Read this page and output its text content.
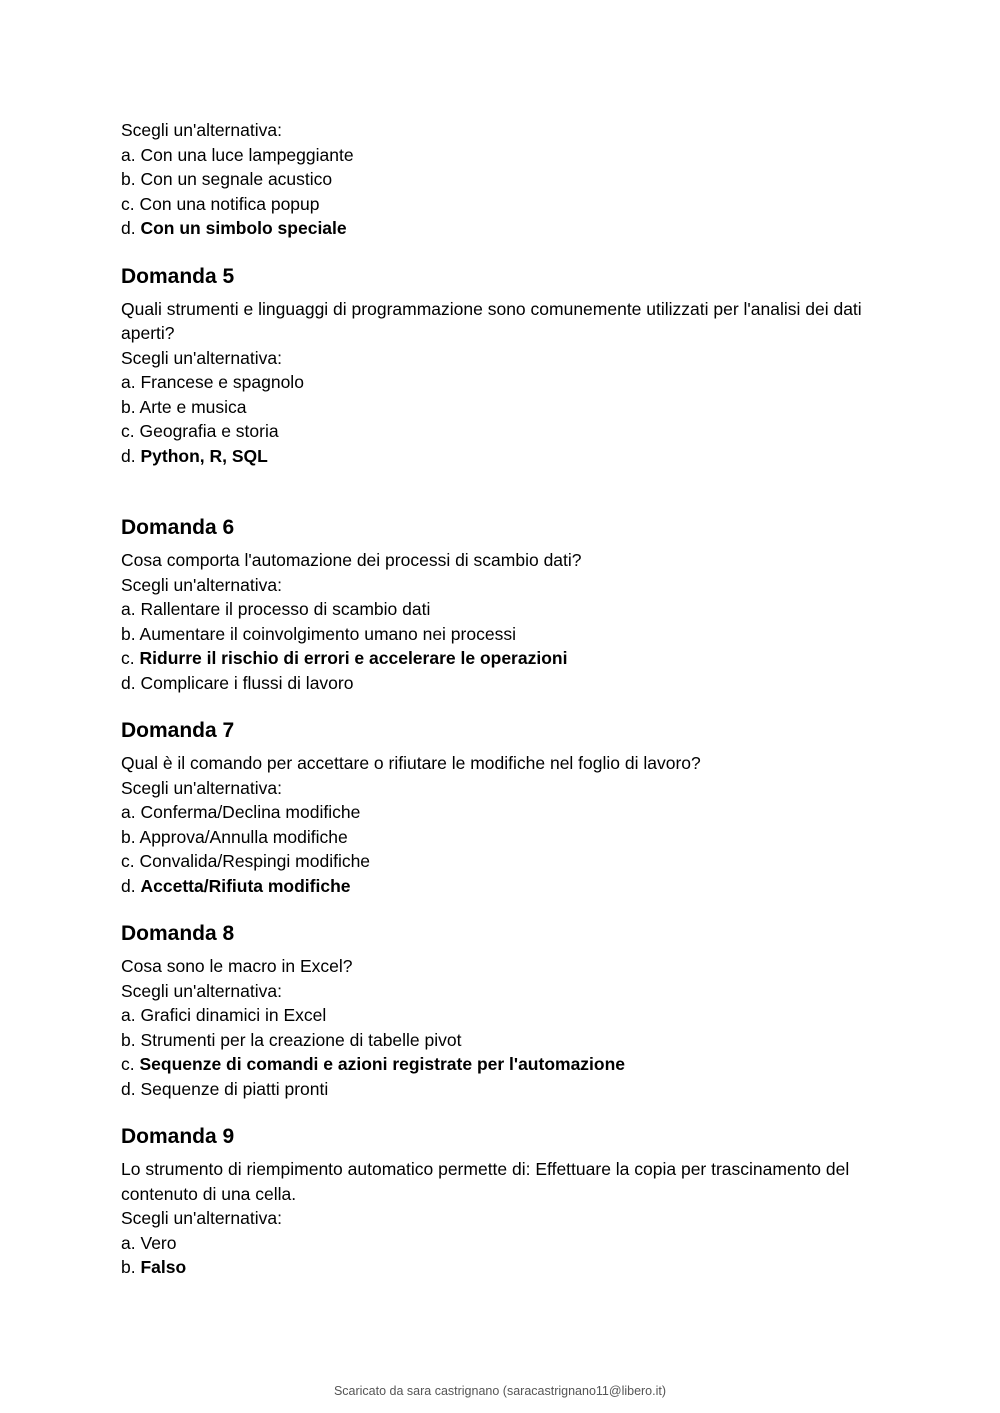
Scegli un'alternativa:
a. Con una luce lampeggiante
b. Con un segnale acustico
c. Con una notifica popup
d. Con un simbolo speciale
Domanda 5
Quali strumenti e linguaggi di programmazione sono comunemente utilizzati per l'analisi dei dati aperti?
Scegli un'alternativa:
a. Francese e spagnolo
b. Arte e musica
c. Geografia e storia
d. Python, R, SQL
Domanda 6
Cosa comporta l'automazione dei processi di scambio dati?
Scegli un'alternativa:
a. Rallentare il processo di scambio dati
b. Aumentare il coinvolgimento umano nei processi
c. Ridurre il rischio di errori e accelerare le operazioni
d. Complicare i flussi di lavoro
Domanda 7
Qual è il comando per accettare o rifiutare le modifiche nel foglio di lavoro?
Scegli un'alternativa:
a. Conferma/Declina modifiche
b. Approva/Annulla modifiche
c. Convalida/Respingi modifiche
d. Accetta/Rifiuta modifiche
Domanda 8
Cosa sono le macro in Excel?
Scegli un'alternativa:
a. Grafici dinamici in Excel
b. Strumenti per la creazione di tabelle pivot
c. Sequenze di comandi e azioni registrate per l'automazione
d. Sequenze di piatti pronti
Domanda 9
Lo strumento di riempimento automatico permette di: Effettuare la copia per trascinamento del contenuto di una cella.
Scegli un'alternativa:
a. Vero
b. Falso
Scaricato da sara castrignano (saracastrignano11@libero.it)
